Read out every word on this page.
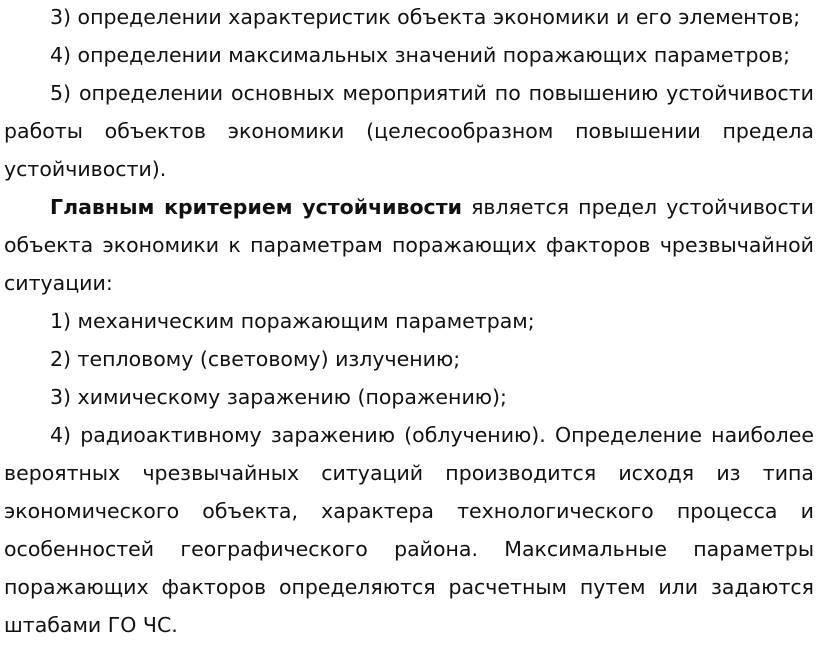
3) определении характеристик объекта экономики и его элементов;
4) определении максимальных значений поражающих параметров;
5) определении основных мероприятий по повышению устойчивости
работы объектов экономики (целесообразном повышении предела
устойчивости).
Главным критерием устойчивости является предел устойчивости
объекта экономики к параметрам поражающих факторов чрезвычайной
ситуации:
1) механическим поражающим параметрам;
2) тепловому (световому) излучению;
3) химическому заражению (поражению);
4) радиоактивному заражению (облучению). Определение наиболее
вероятных чрезвычайных ситуаций производится исходя из типа
экономического объекта, характера технологического процесса и
особенностей географического района. Максимальные параметры
поражающих факторов определяются расчетным путем или задаются
штабами ГО ЧС.
